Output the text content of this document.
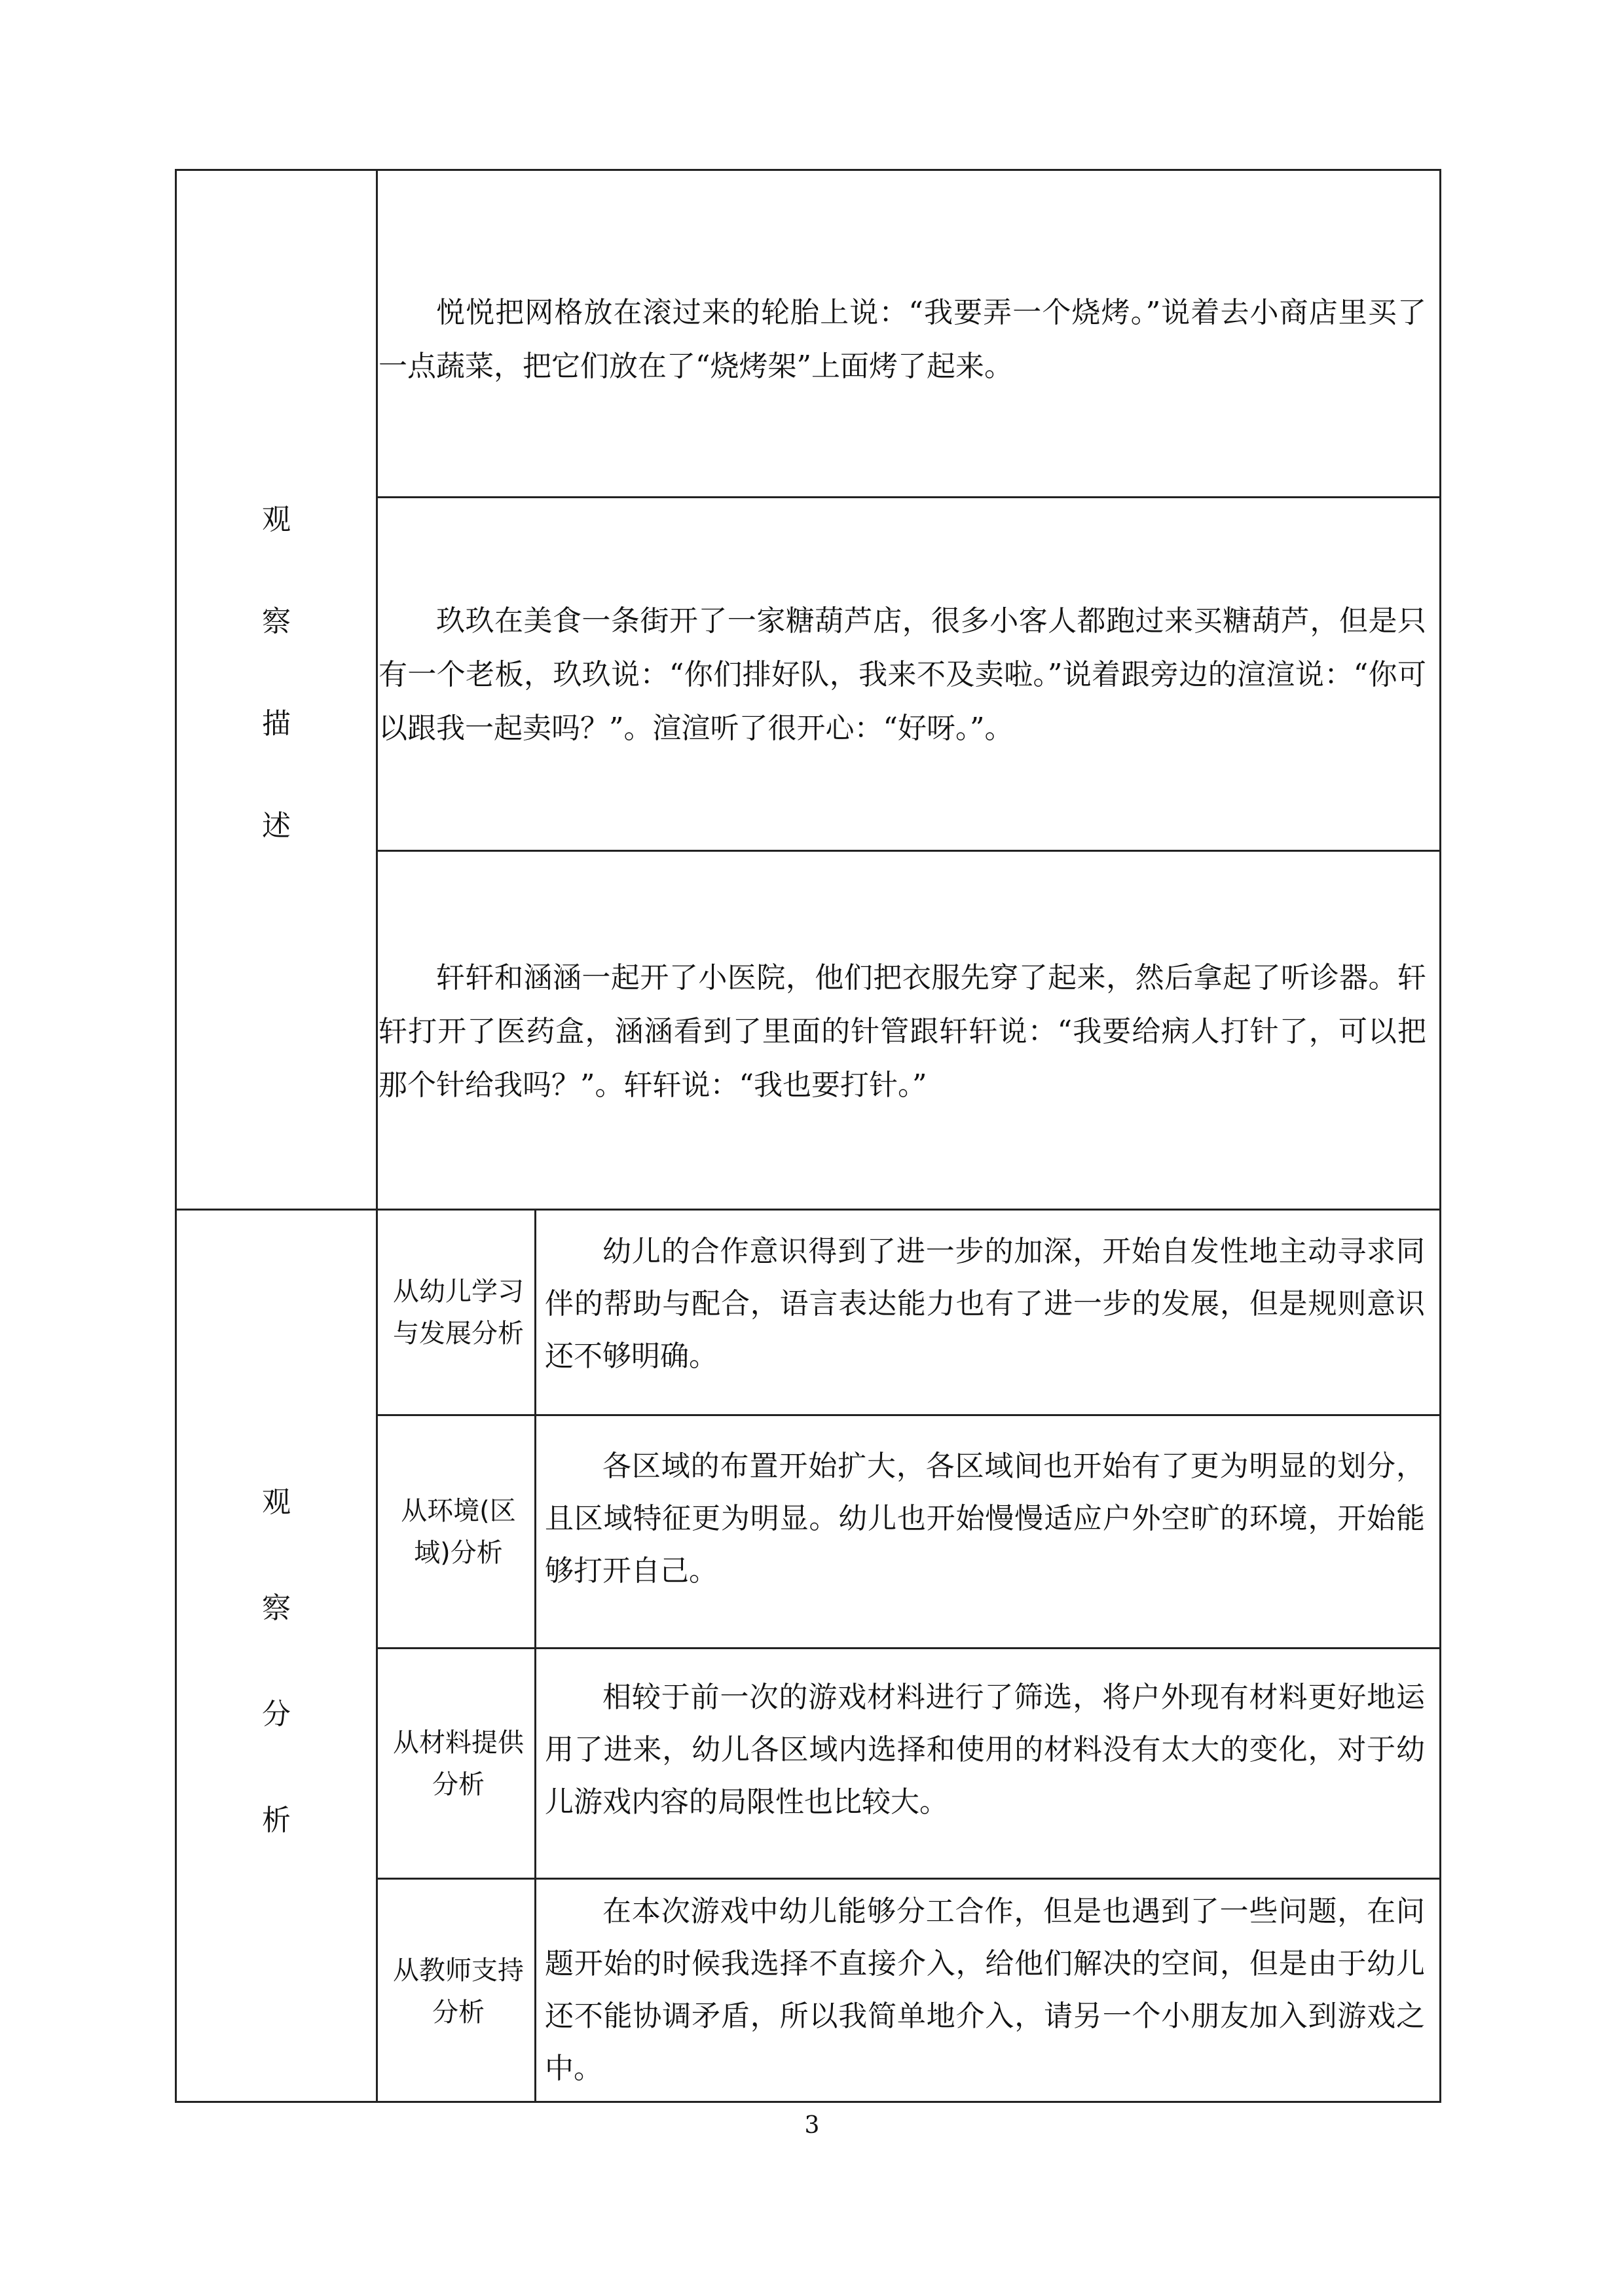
观
察
描
述

悦悦把网格放在滚过来的轮胎上说：“我要弄一个烧烤。”说着去小商店里买了一点蔬菜，把它们放在了“烧烤架”上面烤了起来。

玖玖在美食一条街开了一家糖葫芦店，很多小客人都跑过来买糖葫芦，但是只有一个老板，玖玖说：“你们排好队，我来不及卖啦。”说着跟旁边的渲渲说：“你可以跟我一起卖吗？”。渲渲听了很开心：“好呀。”。

轩轩和涵涵一起开了小医院，他们把衣服先穿了起来，然后拿起了听诊器。轩轩打开了医药盒，涵涵看到了里面的针管跟轩轩说：“我要给病人打针了，可以把那个针给我吗？”。轩轩说：“我也要打针。”

观
察
分
析
从幼儿学习与发展分析
从环境(区域)分析
从材料提供分析
从教师支持分析

幼儿的合作意识得到了进一步的加深，开始自发性地主动寻求同伴的帮助与配合，语言表达能力也有了进一步的发展，但是规则意识还不够明确。

各区域的布置开始扩大，各区域间也开始有了更为明显的划分，且区域特征更为明显。幼儿也开始慢慢适应户外空旷的环境，开始能够打开自己。

相较于前一次的游戏材料进行了筛选，将户外现有材料更好地运用了进来，幼儿各区域内选择和使用的材料没有太大的变化，对于幼儿游戏内容的局限性也比较大。

在本次游戏中幼儿能够分工合作，但是也遇到了一些问题，在问题开始的时候我选择不直接介入，给他们解决的空间，但是由于幼儿还不能协调矛盾，所以我简单地介入，请另一个小朋友加入到游戏之中。

3
